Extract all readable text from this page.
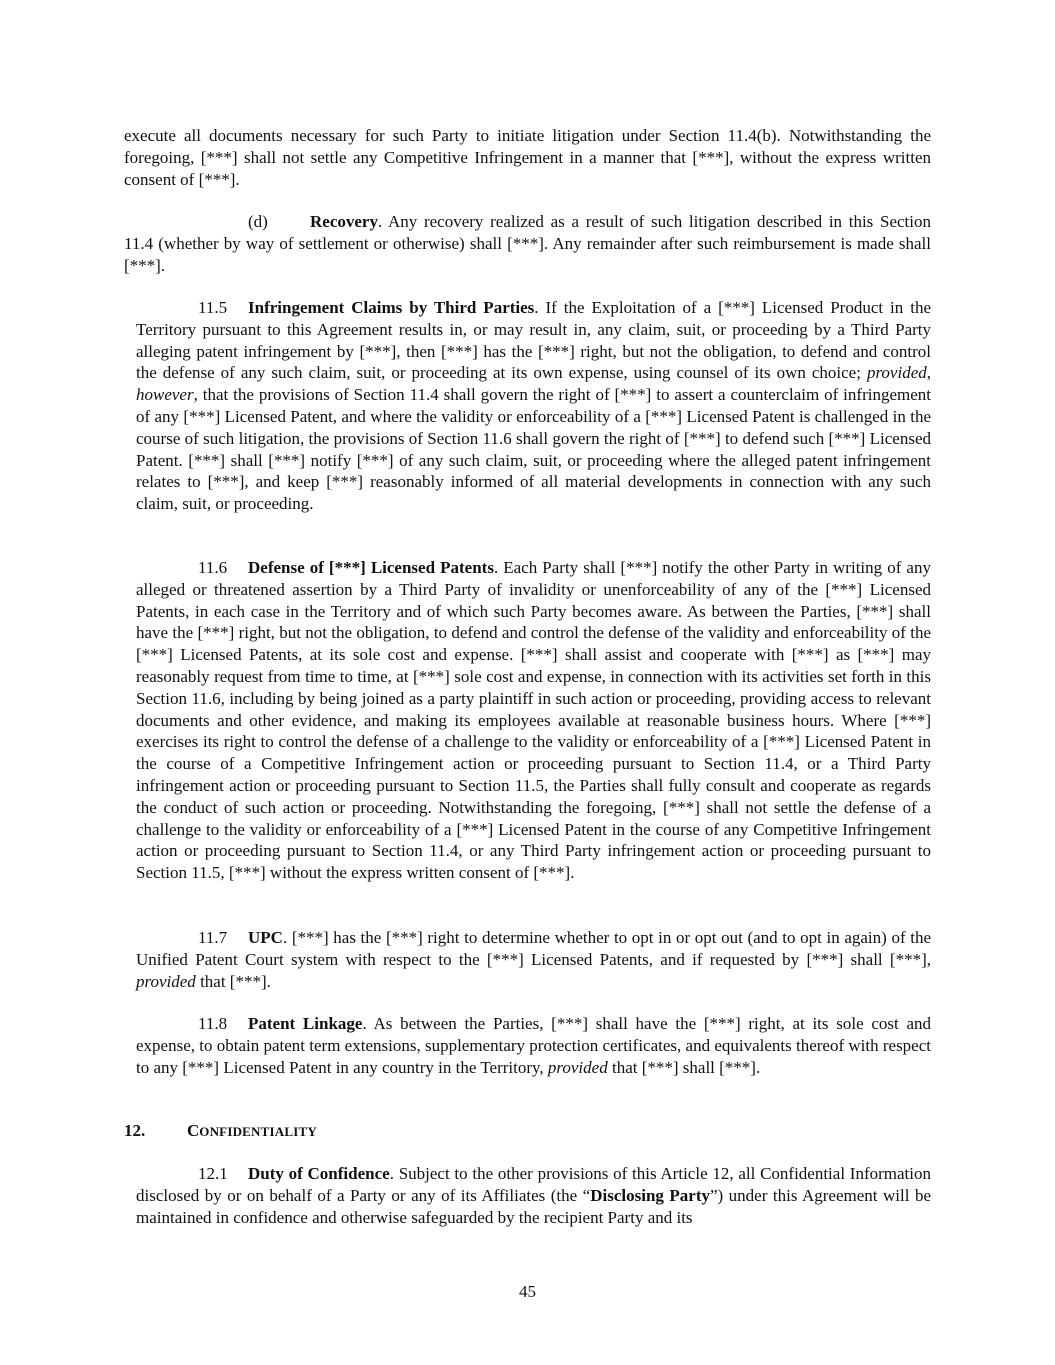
execute all documents necessary for such Party to initiate litigation under Section 11.4(b). Notwithstanding the foregoing, [***] shall not settle any Competitive Infringement in a manner that [***], without the express written consent of [***].

(d) Recovery. Any recovery realized as a result of such litigation described in this Section 11.4 (whether by way of settlement or otherwise) shall [***]. Any remainder after such reimbursement is made shall [***].

11.5 Infringement Claims by Third Parties. If the Exploitation of a [***] Licensed Product in the Territory pursuant to this Agreement results in, or may result in, any claim, suit, or proceeding by a Third Party alleging patent infringement by [***], then [***] has the [***] right, but not the obligation, to defend and control the defense of any such claim, suit, or proceeding at its own expense, using counsel of its own choice; provided, however, that the provisions of Section 11.4 shall govern the right of [***] to assert a counterclaim of infringement of any [***] Licensed Patent, and where the validity or enforceability of a [***] Licensed Patent is challenged in the course of such litigation, the provisions of Section 11.6 shall govern the right of [***] to defend such [***] Licensed Patent. [***] shall [***] notify [***] of any such claim, suit, or proceeding where the alleged patent infringement relates to [***], and keep [***] reasonably informed of all material developments in connection with any such claim, suit, or proceeding.

11.6 Defense of [***] Licensed Patents. Each Party shall [***] notify the other Party in writing of any alleged or threatened assertion by a Third Party of invalidity or unenforceability of any of the [***] Licensed Patents, in each case in the Territory and of which such Party becomes aware. As between the Parties, [***] shall have the [***] right, but not the obligation, to defend and control the defense of the validity and enforceability of the [***] Licensed Patents, at its sole cost and expense. [***] shall assist and cooperate with [***] as [***] may reasonably request from time to time, at [***] sole cost and expense, in connection with its activities set forth in this Section 11.6, including by being joined as a party plaintiff in such action or proceeding, providing access to relevant documents and other evidence, and making its employees available at reasonable business hours. Where [***] exercises its right to control the defense of a challenge to the validity or enforceability of a [***] Licensed Patent in the course of a Competitive Infringement action or proceeding pursuant to Section 11.4, or a Third Party infringement action or proceeding pursuant to Section 11.5, the Parties shall fully consult and cooperate as regards the conduct of such action or proceeding. Notwithstanding the foregoing, [***] shall not settle the defense of a challenge to the validity or enforceability of a [***] Licensed Patent in the course of any Competitive Infringement action or proceeding pursuant to Section 11.4, or any Third Party infringement action or proceeding pursuant to Section 11.5, [***] without the express written consent of [***].

11.7 UPC. [***] has the [***] right to determine whether to opt in or opt out (and to opt in again) of the Unified Patent Court system with respect to the [***] Licensed Patents, and if requested by [***] shall [***], provided that [***].

11.8 Patent Linkage. As between the Parties, [***] shall have the [***] right, at its sole cost and expense, to obtain patent term extensions, supplementary protection certificates, and equivalents thereof with respect to any [***] Licensed Patent in any country in the Territory, provided that [***] shall [***].

12. CONFIDENTIALITY

12.1 Duty of Confidence. Subject to the other provisions of this Article 12, all Confidential Information disclosed by or on behalf of a Party or any of its Affiliates (the “Disclosing Party”) under this Agreement will be maintained in confidence and otherwise safeguarded by the recipient Party and its

45
